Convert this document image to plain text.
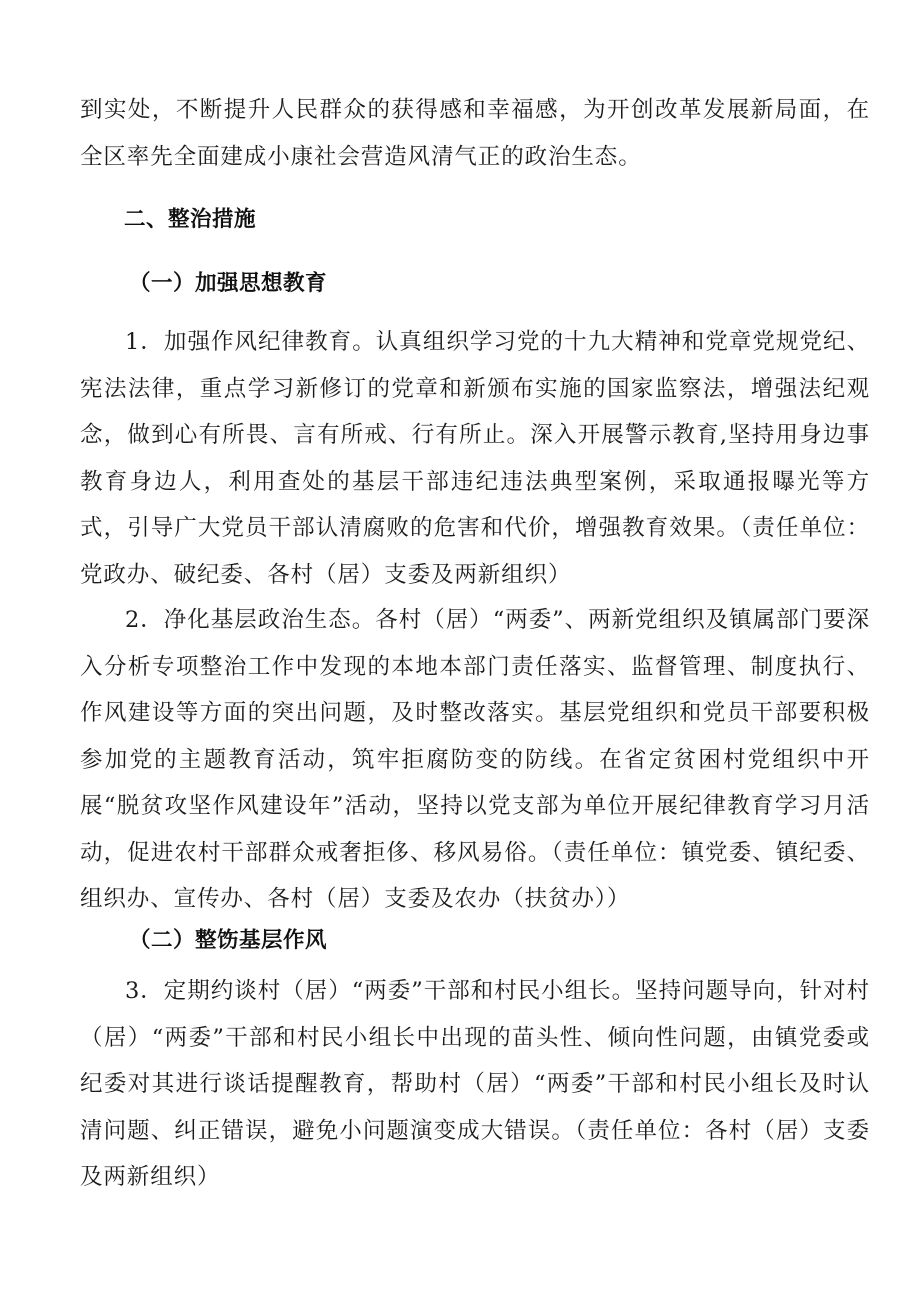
到实处，不断提升人民群众的获得感和幸福感，为开创改革发展新局面，在全区率先全面建成小康社会营造风清气正的政治生态。

二、整治措施
（一）加强思想教育

1．加强作风纪律教育。认真组织学习党的十九大精神和党章党规党纪、宪法法律，重点学习新修订的党章和新颁布实施的国家监察法，增强法纪观念，做到心有所畏、言有所戒、行有所止。深入开展警示教育,坚持用身边事教育身边人，利用查处的基层干部违纪违法典型案例，采取通报曝光等方式，引导广大党员干部认清腐败的危害和代价，增强教育效果。（责任单位：党政办、破纪委、各村（居）支委及两新组织）

2．净化基层政治生态。各村（居）“两委”、两新党组织及镇属部门要深入分析专项整治工作中发现的本地本部门责任落实、监督管理、制度执行、作风建设等方面的突出问题，及时整改落实。基层党组织和党员干部要积极参加党的主题教育活动，筑牢拒腐防变的防线。在省定贫困村党组织中开展“脱贫攻坚作风建设年”活动，坚持以党支部为单位开展纪律教育学习月活动，促进农村干部群众戒奢拒侈、移风易俗。（责任单位：镇党委、镇纪委、组织办、宣传办、各村（居）支委及农办（扶贫办））

（二）整饬基层作风

3．定期约谈村（居）“两委”干部和村民小组长。坚持问题导向，针对村（居）“两委”干部和村民小组长中出现的苗头性、倾向性问题，由镇党委或纪委对其进行谈话提醒教育，帮助村（居）“两委”干部和村民小组长及时认清问题、纠正错误，避免小问题演变成大错误。（责任单位：各村（居）支委及两新组织）
